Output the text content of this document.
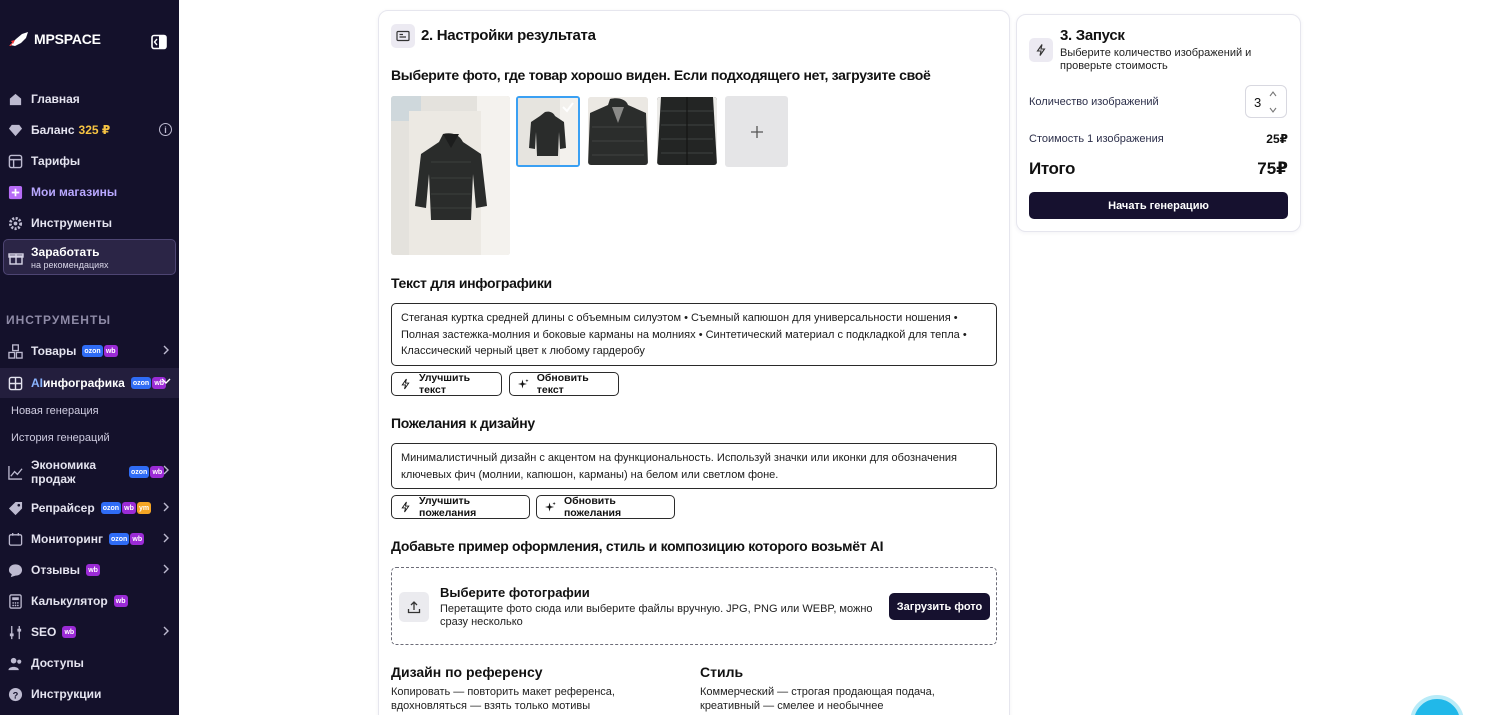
MPSPACE
Главная
Баланс 325 ₽	i
Тарифы
Мои магазины
Инструменты
Заработать
на рекомендациях
ИНСТРУМЕНТЫ
Товары ozon wb
AI инфографика ozon wb
Новая генерация
История генераций
Экономика продаж	ozon wb
Репрайсер ozon wb ym
Мониторинг ozon wb
Отзывы	wb
Калькулятор	wb
SEO	wb
Доступы
? Инструкции
2. Настройки результата
Выберите фото, где товар хорошо виден. Если подходящего нет, загрузите своё
Текст для инфографики
Стеганая куртка средней длины с объемным силуэтом • Съемный капюшон для универсальности ношения • Полная застежка-молния и боковые карманы на молниях • Синтетический материал с подкладкой для тепла • Классический черный цвет к любому гардеробу
Улучшить текст
Обновить текст
Пожелания к дизайну
Минималистичный дизайн с акцентом на функциональность. Используй значки или иконки для обозначения ключевых фич (молнии, капюшон, карманы) на белом или светлом фоне.
Улучшить пожелания
Обновить пожелания
Добавьте пример оформления, стиль и композицию которого возьмёт AI
Выберите фотографии
Перетащите фото сюда или выберите файлы вручную. JPG, PNG или WEBP, можно сразу несколько
Загрузить фото
Дизайн по референсу
Копировать — повторить макет референса, вдохновляться — взять только мотивы
Стиль
Коммерческий — строгая продающая подача, креативный — смелее и необычнее
3. Запуск
Выберите количество изображений и проверьте стоимость
Количество изображений	3
Стоимость 1 изображения	25₽
Итого	75₽
Начать генерацию
